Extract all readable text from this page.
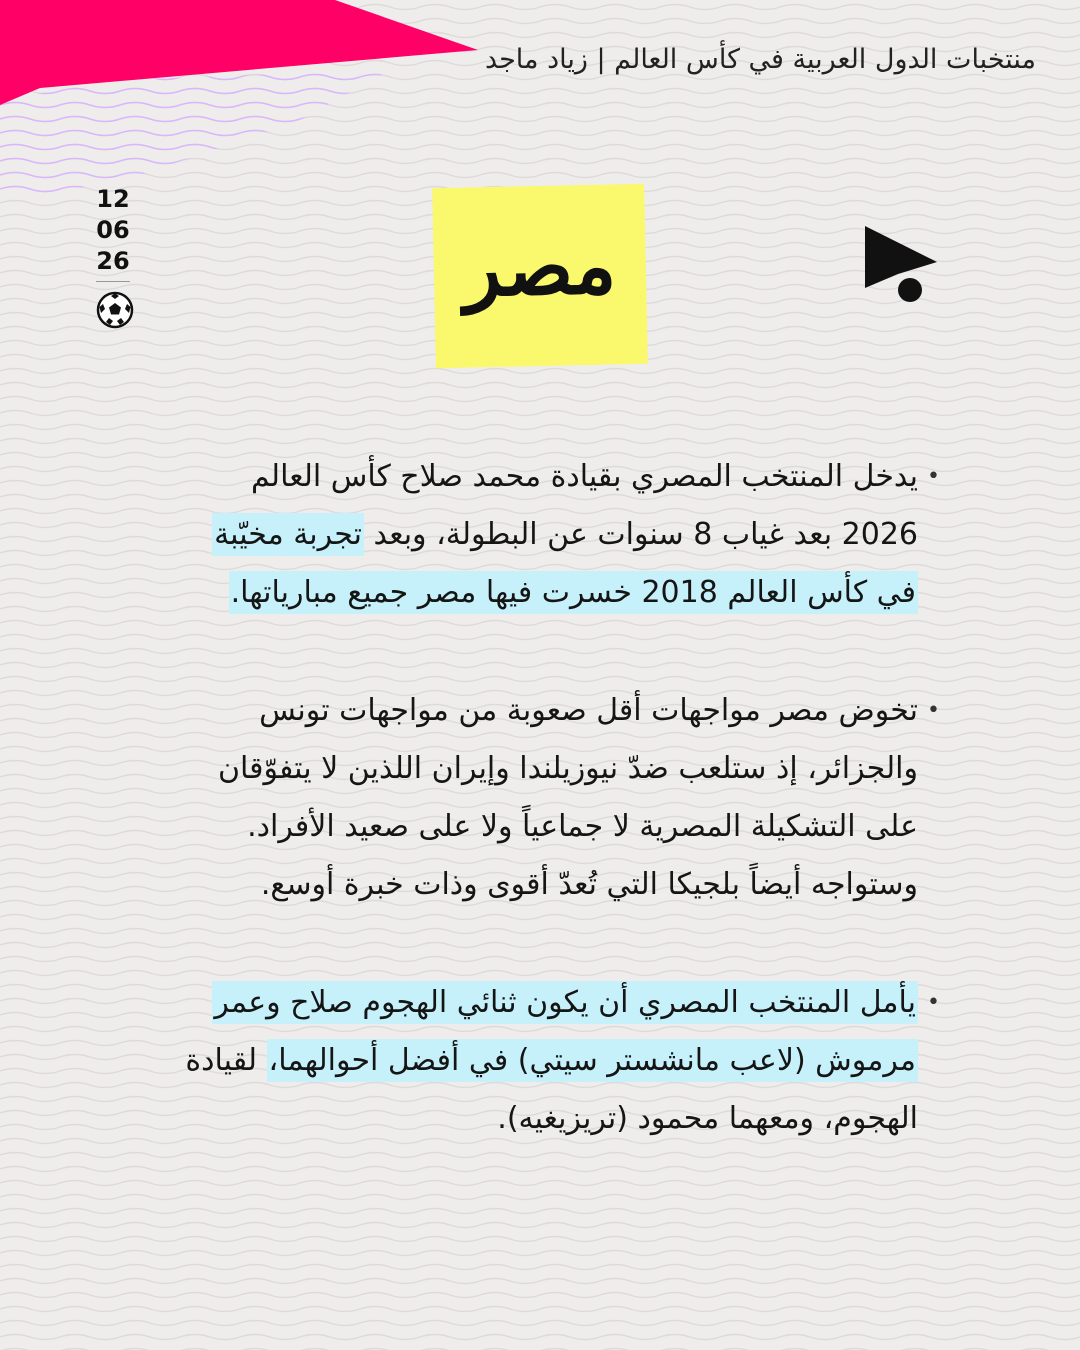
منتخبات الدول العربية في كأس العالم | زياد ماجد
12
06
26	مصر
•
يدخل المنتخب المصري بقيادة محمد صلاح كأس العالم 2026 بعد غياب 8 سنوات عن البطولة، وبعد تجربة مخيّبة في كأس العالم 2018 خسرت فيها مصر جميع مبارياتها.
•
تخوض مصر مواجهات أقل صعوبة من مواجهات تونس والجزائر، إذ ستلعب ضدّ نيوزيلندا وإيران اللذين لا يتفوّقان على التشكيلة المصرية لا جماعياً ولا على صعيد الأفراد. وستواجه أيضاً بلجيكا التي تُعدّ أقوى وذات خبرة أوسع.
•
يأمل المنتخب المصري أن يكون ثنائي الهجوم صلاح وعمر مرموش (لاعب مانشستر سيتي) في أفضل أحوالهما، لقيادة الهجوم، ومعهما محمود (تريزيغيه).
